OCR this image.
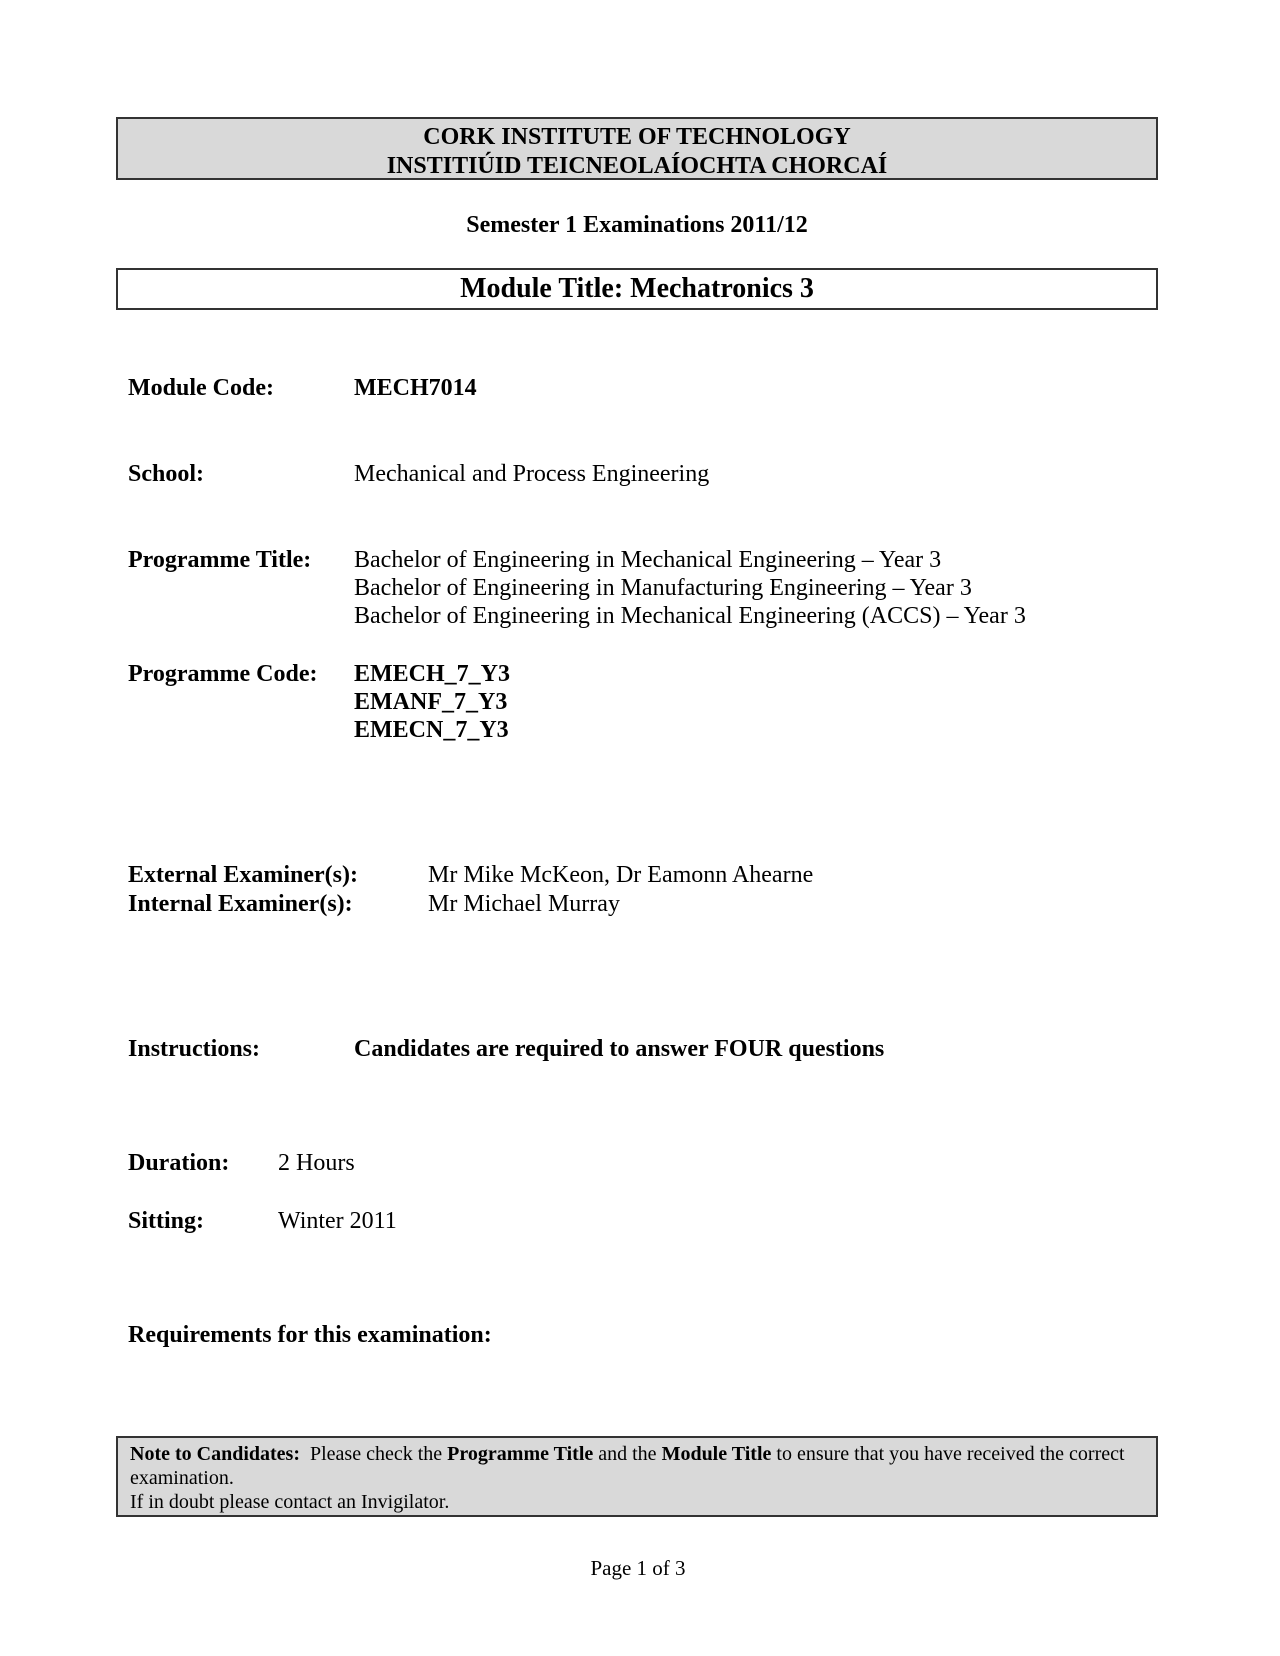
CORK INSTITUTE OF TECHNOLOGY
INSTITIÚID TEICNEOLAÍOCHTA CHORCAÍ
Semester 1 Examinations 2011/12
Module Title: Mechatronics 3
Module Code:	MECH7014
School:	Mechanical and Process Engineering
Programme Title: Bachelor of Engineering in Mechanical Engineering – Year 3
Bachelor of Engineering in Manufacturing Engineering – Year 3
Bachelor of Engineering in Mechanical Engineering (ACCS) – Year 3
Programme Code: EMECH_7_Y3
EMANF_7_Y3
EMECN_7_Y3
External Examiner(s):	Mr Mike McKeon, Dr Eamonn Ahearne
Internal Examiner(s):	Mr Michael Murray
Instructions:	Candidates are required to answer FOUR questions
Duration: 2 Hours
Sitting:	Winter 2011
Requirements for this examination:
Note to Candidates: Please check the Programme Title and the Module Title to ensure that you have received the correct examination.
If in doubt please contact an Invigilator.
Page 1 of 3
